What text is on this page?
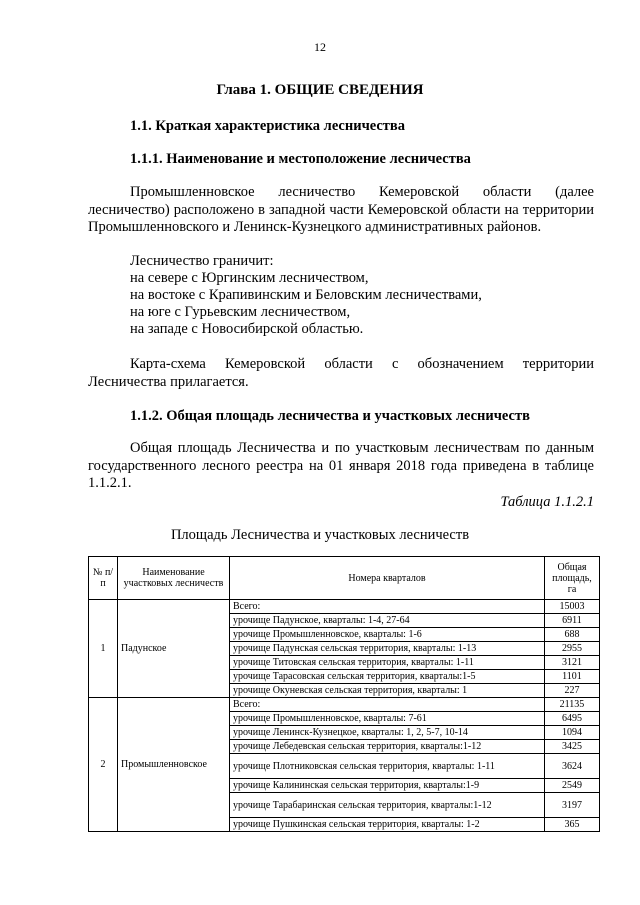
12
Глава 1. ОБЩИЕ СВЕДЕНИЯ
1.1. Краткая характеристика лесничества
1.1.1. Наименование и местоположение лесничества
Промышленновское лесничество Кемеровской области (далее лесничество) расположено в западной части Кемеровской области на территории Промышленновского и Ленинск-Кузнецкого административных районов.
Лесничество граничит:
на севере с Юргинским лесничеством,
на востоке с Крапивинским и Беловским лесничествами,
на юге с Гурьевским лесничеством,
на западе с Новосибирской областью.
Карта-схема Кемеровской области с обозначением территории Лесничества прилагается.
1.1.2. Общая площадь лесничества и участковых лесничеств
Общая площадь Лесничества и по участковым лесничествам по данным государственного лесного реестра на 01 января 2018 года приведена в таблице 1.1.2.1.
Таблица 1.1.2.1
Площадь Лесничества и участковых лесничеств
№ п/п	Наименование участковых лесничеств	Номера кварталов	Общая площадь, га
1	Падунское	Всего:	15003
		урочище Падунское, кварталы: 1-4, 27-64	6911
		урочище Промышленновское, кварталы: 1-6	688
		урочище Падунская сельская территория, кварталы: 1-13	2955
		урочище Титовская сельская территория, кварталы: 1-11	3121
		урочище Тарасовская сельская территория, кварталы:1-5	1101
		урочище Окуневская сельская территория, кварталы: 1	227
2	Промышленновское	Всего:	21135
		урочище Промышленновское, кварталы: 7-61	6495
		урочище Ленинск-Кузнецкое, кварталы: 1, 2, 5-7, 10-14	1094
		урочище Лебедевская сельская территория, кварталы:1-12	3425
		урочище Плотниковская сельская территория, кварталы: 1-11	3624
		урочище Калининская сельская территория, кварталы:1-9	2549
		урочище Тарабаринская сельская территория, кварталы:1-12	3197
		урочище Пушкинская сельская территория, кварталы: 1-2	365
